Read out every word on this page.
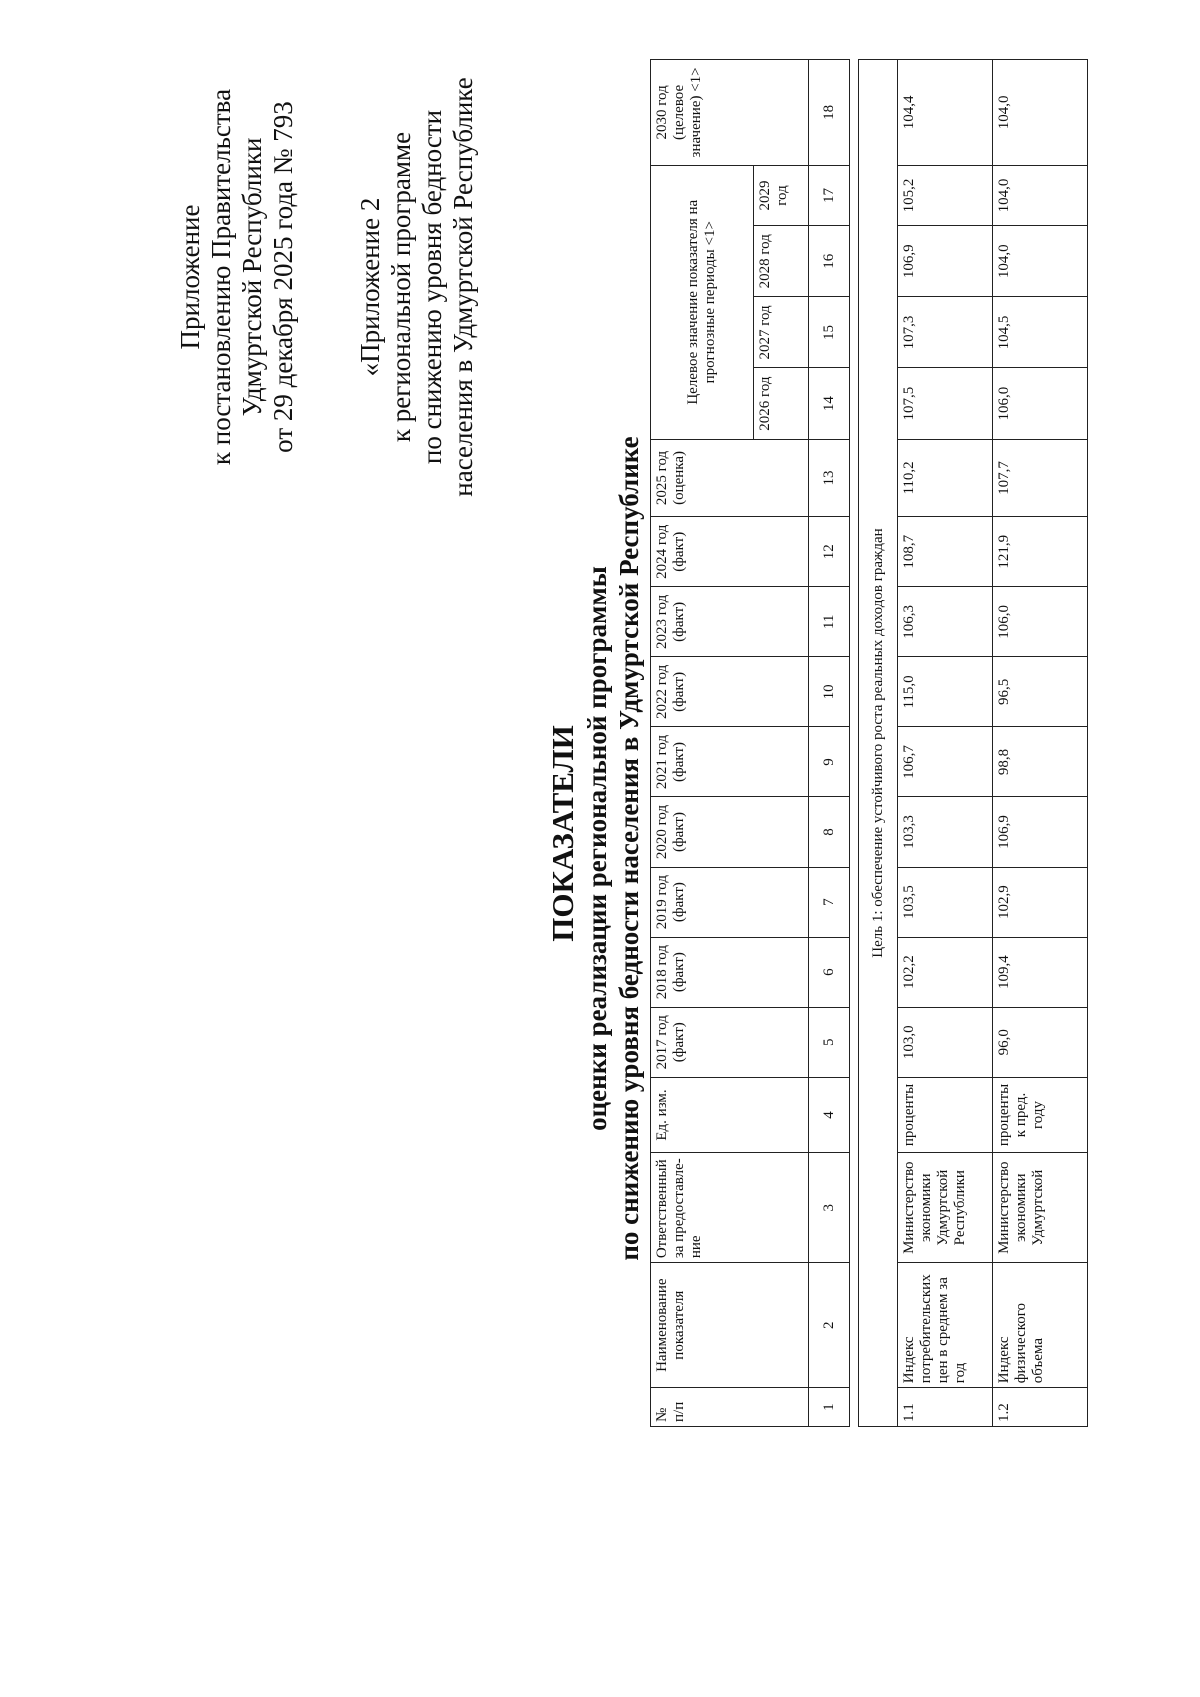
Приложение к постановлению Правительства Удмуртской Республики от 29 декабря 2025 года № 793 «Приложение 2 к региональной программе по снижению уровня бедности населения в Удмуртской Республике
ПОКАЗАТЕЛИ оценки реализации региональной программы по снижению уровня бедности населения в Удмуртской Республике
№ п/п	Наименование показателя	Ответственный за предоставле-ние	Ед. изм.	2017 год (факт)	2018 год (факт)	2019 год (факт)	2020 год (факт)	2021 год (факт)	2022 год (факт)	2023 год (факт)	2024 год (факт)	2025 год (оценка)	Целевое значение показателя на прогнозные периоды <1>				2030 год (целевое значение) <1>
													2026 год	2027 год	2028 год	2029 год	
1	2	3	4	5	6	7	8	9	10	11	12	13	14	15	16	17	18

Цель 1: обеспечение устойчивого роста реальных доходов граждан																	
1.1	Индекс потребительских цен в среднем за год	Министерство экономики Удмуртской Республики	проценты	103,0	102,2	103,5	103,3	106,7	115,0	106,3	108,7	110,2	107,5	107,3	106,9	105,2	104,4
1.2	Индекс физического объема	Министерство экономики Удмуртской	проценты к пред. году	96,0	109,4	102,9	106,9	98,8	96,5	106,0	121,9	107,7	106,0	104,5	104,0	104,0	104,0
